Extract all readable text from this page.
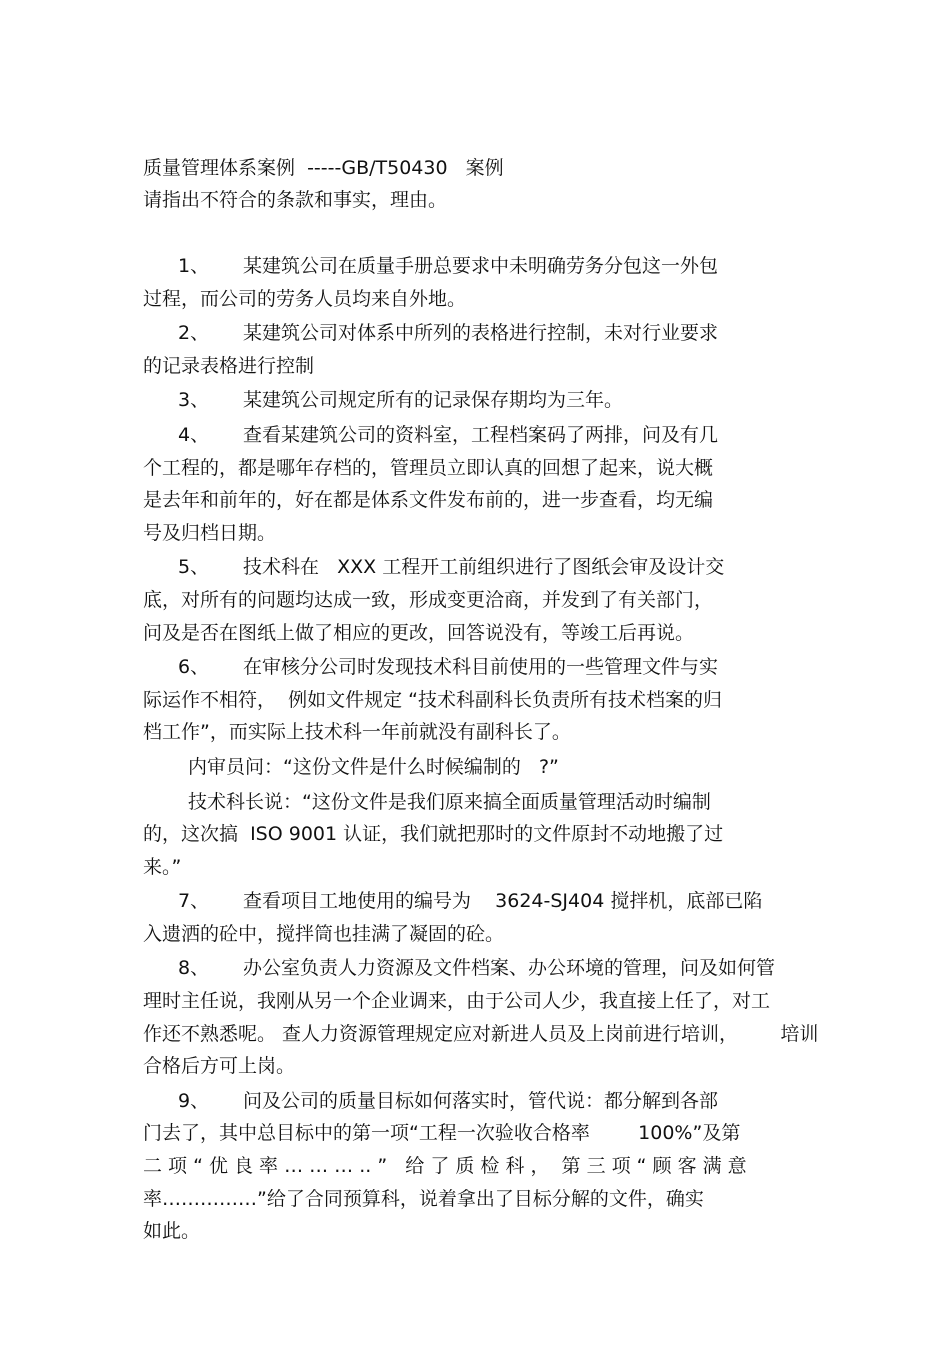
质量管理体系案例  -----GB/T50430   案例
请指出不符合的条款和事实，理由。
1、 某建筑公司在质量手册总要求中未明确劳务分包这一外包
过程，而公司的劳务人员均来自外地。
2、 某建筑公司对体系中所列的表格进行控制，未对行业要求
的记录表格进行控制
3、 某建筑公司规定所有的记录保存期均为三年。
4、 查看某建筑公司的资料室，工程档案码了两排，问及有几
个工程的，都是哪年存档的，管理员立即认真的回想了起来，说大概
是去年和前年的，好在都是体系文件发布前的，进一步查看，均无编
号及归档日期。
5、 技术科在   XXX 工程开工前组织进行了图纸会审及设计交
底，对所有的问题均达成一致，形成变更洽商，并发到了有关部门，
问及是否在图纸上做了相应的更改，回答说没有，等竣工后再说。
6、 在审核分公司时发现技术科目前使用的一些管理文件与实
际运作不相符，  例如文件规定 “技术科副科长负责所有技术档案的归
档工作”，而实际上技术科一年前就没有副科长了。
内审员问：“这份文件是什么时候编制的   ?”
技术科长说：“这份文件是我们原来搞全面质量管理活动时编制
的，这次搞  ISO 9001 认证，我们就把那时的文件原封不动地搬了过
来。”
7、 查看项目工地使用的编号为    3624-SJ404 搅拌机，底部已陷
入遗洒的砼中，搅拌筒也挂满了凝固的砼。
8、 办公室负责人力资源及文件档案、办公环境的管理，问及如何管
理时主任说，我刚从另一个企业调来，由于公司人少，我直接上任了，对工
作还不熟悉呢。 查人力资源管理规定应对新进人员及上岗前进行培训，       培训
合格后方可上岗。
9、 问及公司的质量目标如何落实时，管代说：都分解到各部
门去了，其中总目标中的第一项“工程一次验收合格率        100%”及第
二 项 “ 优 良 率 … … … .. ”   给 了 质 检 科 ，  第 三 项 “ 顾 客 满 意
率……………”给了合同预算科，说着拿出了目标分解的文件，确实
如此。
